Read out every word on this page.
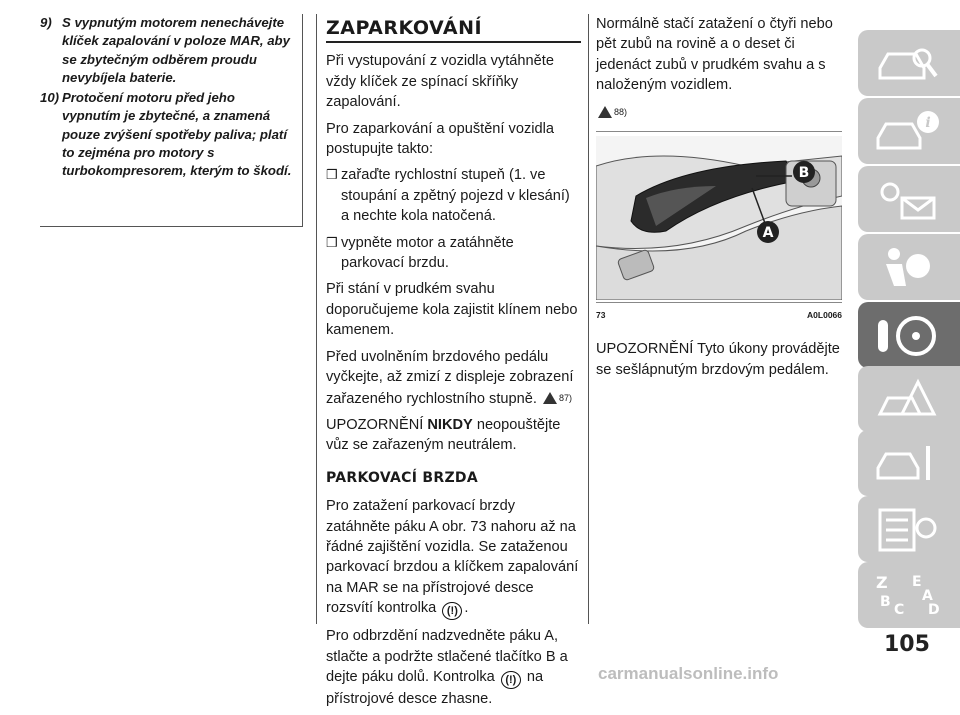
9) S vypnutým motorem nenechávejte klíček zapalování v poloze MAR, aby se zbytečným odběrem proudu nevybíjela baterie.
10) Protočení motoru před jeho vypnutím je zbytečné, a znamená pouze zvýšení spotřeby paliva; platí to zejména pro motory s turbokompresorem, kterým to škodí.
ZAPARKOVÁNÍ

Při vystupování z vozidla vytáhněte vždy klíček ze spínací skříňky zapalování.

Pro zaparkování a opuštění vozidla postupujte takto:

❒ zařaďte rychlostní stupeň (1. ve stoupání a zpětný pojezd v klesání) a nechte kola natočená.
❒ vypněte motor a zatáhněte parkovací brzdu.

Při stání v prudkém svahu doporučujeme kola zajistit klínem nebo kamenem.

Před uvolněním brzdového pedálu vyčkejte, až zmizí z displeje zobrazení zařazeného rychlostního stupně. 87)

UPOZORNĚNÍ NIKDY neopouštějte vůz se zařazeným neutrálem.

PARKOVACÍ BRZDA

Pro zatažení parkovací brzdy zatáhněte páku A obr. 73 nahoru až na řádné zajištění vozidla. Se zataženou parkovací brzdou a klíčkem zapalování na MAR se na přístrojové desce rozsvítí kontrolka (!) .

Pro odbrzdění nadzvedněte páku A, stlačte a podržte stlačené tlačítko B a dejte páku dolů. Kontrolka (!) na přístrojové desce zhasne.

Normálně stačí zatažení o čtyři nebo pět zubů na rovině a o deset či jedenáct zubů v prudkém svahu a s naloženým vozidlem.

88)
B
A
73	A0L0066

UPOZORNĚNÍ Tyto úkony provádějte se sešlápnutým brzdovým pedálem.

i
Z E
A
B C D
105
carmanualsonline.info
